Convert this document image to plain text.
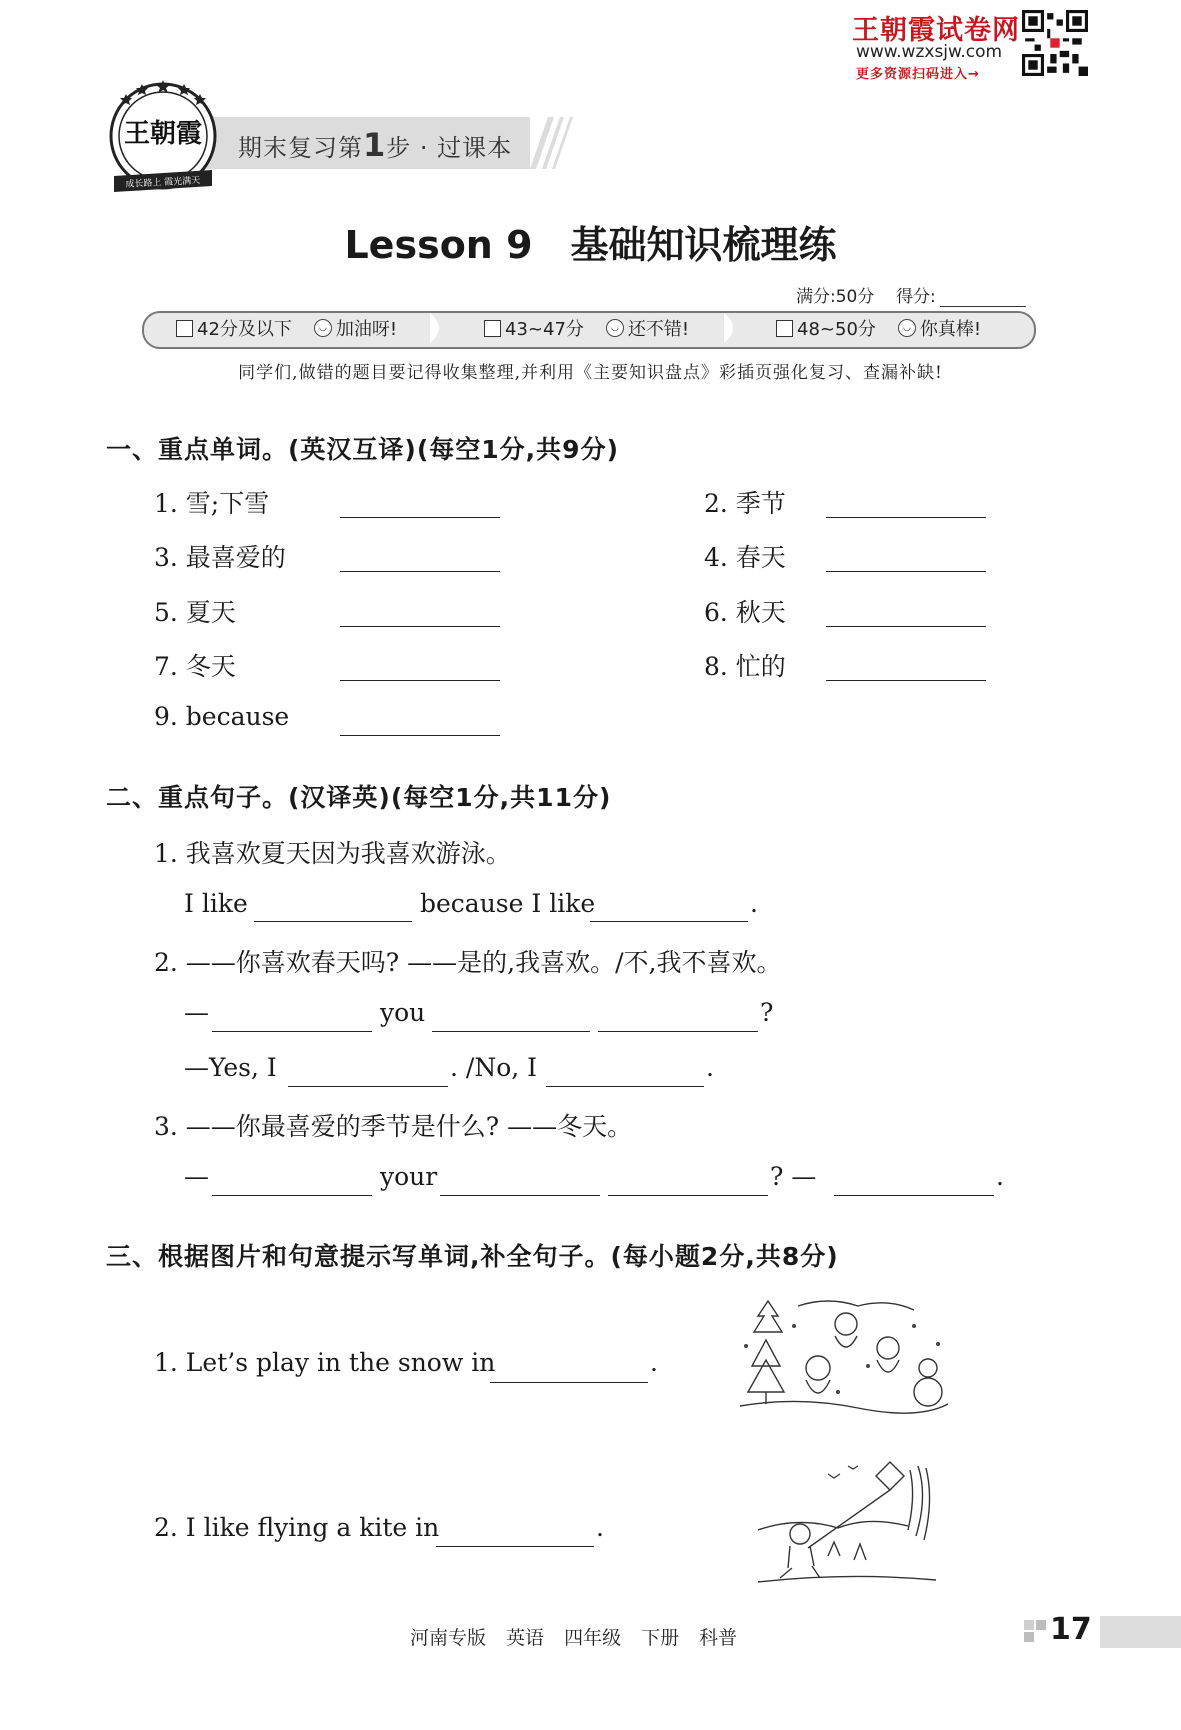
王朝霞试卷网
www.wzxsjw.com
更多资源扫码进入→
期末复习第1步 · 过课本
王朝霞
成长路上 霞光满天
Lesson 9　基础知识梳理练
满分:50分 得分:
42分及以下	◡ 加油呀!	43~47分	◡ 还不错!	48~50分	◡ 你真棒!
同学们,做错的题目要记得收集整理,并利用《主要知识盘点》彩插页强化复习、查漏补缺!
一、重点单词。(英汉互译)(每空1分,共9分)
1. 雪;下雪	2. 季节
3. 最喜爱的	4. 春天
5. 夏天	6. 秋天
7. 冬天	8. 忙的
9. because
二、重点句子。(汉译英)(每空1分,共11分)
1. 我喜欢夏天因为我喜欢游泳。
I like	because I like	.
2. ——你喜欢春天吗? ——是的,我喜欢。/不,我不喜欢。
—	you	?
—Yes, I	. /No, I	.
3. ——你最喜爱的季节是什么? ——冬天。
—	your	? —	.
三、根据图片和句意提示写单词,补全句子。(每小题2分,共8分)
1. Let’s play in the snow in	.
2. I like flying a kite in	.
河南专版 英语 四年级 下册 科普	17
